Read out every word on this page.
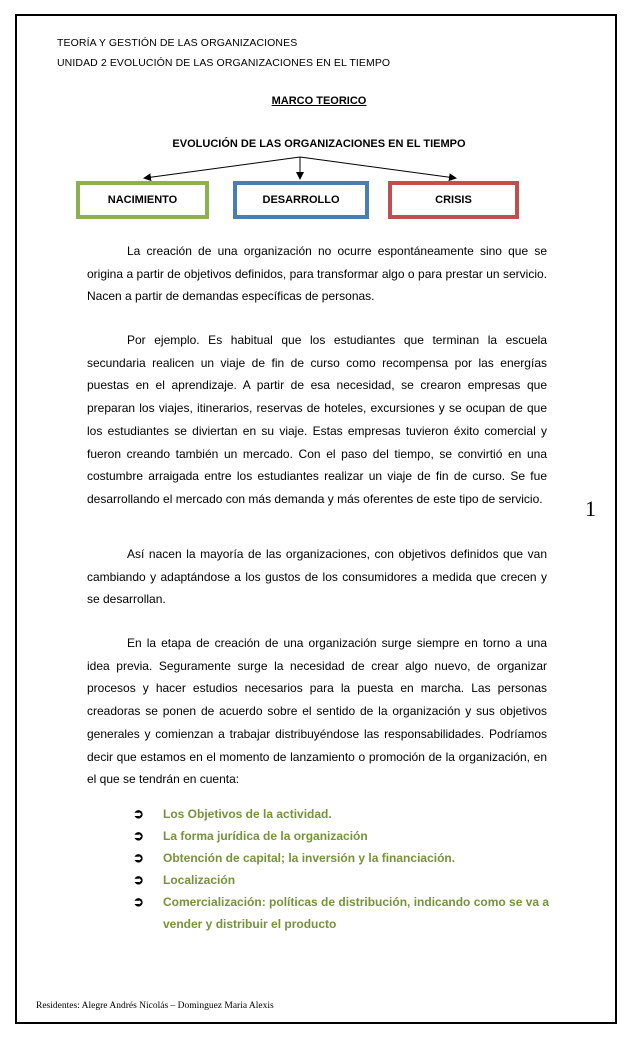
TEORÍA Y GESTIÓN DE LAS ORGANIZACIONES
UNIDAD 2 EVOLUCIÓN DE LAS ORGANIZACIONES EN EL TIEMPO
MARCO TEORICO
EVOLUCIÓN DE LAS ORGANIZACIONES EN EL TIEMPO
NACIMIENTO	DESARROLLO	CRISIS

La creación de una organización no ocurre espontáneamente sino que se origina a partir de objetivos definidos, para transformar algo o para prestar un servicio. Nacen a partir de demandas específicas de personas.

Por ejemplo. Es habitual que los estudiantes que terminan la escuela secundaria realicen un viaje de fin de curso como recompensa por las energías puestas en el aprendizaje. A partir de esa necesidad, se crearon empresas que preparan los viajes, itinerarios, reservas de hoteles, excursiones y se ocupan de que los estudiantes se diviertan en su viaje. Estas empresas tuvieron éxito comercial y fueron creando también un mercado. Con el paso del tiempo, se convirtió en una costumbre arraigada entre los estudiantes realizar un viaje de fin de curso. Se fue desarrollando el mercado con más demanda y más oferentes de este tipo de servicio.

Así nacen la mayoría de las organizaciones, con objetivos definidos que van cambiando y adaptándose a los gustos de los consumidores a medida que crecen y se desarrollan.

En la etapa de creación de una organización surge siempre en torno a una idea previa. Seguramente surge la necesidad de crear algo nuevo, de organizar procesos y hacer estudios necesarios para la puesta en marcha. Las personas creadoras se ponen de acuerdo sobre el sentido de la organización y sus objetivos generales y comienzan a trabajar distribuyéndose las responsabilidades. Podríamos decir que estamos en el momento de lanzamiento o promoción de la organización, en el que se tendrán en cuenta:

➲ Los Objetivos de la actividad.
➲ La forma jurídica de la organización
➲ Obtención de capital; la inversión y la financiación.
➲ Localización
➲ Comercialización: políticas de distribución, indicando como se va a vender y distribuir el producto
1
Residentes: Alegre Andrés Nicolás – Dominguez Maria Alexis
